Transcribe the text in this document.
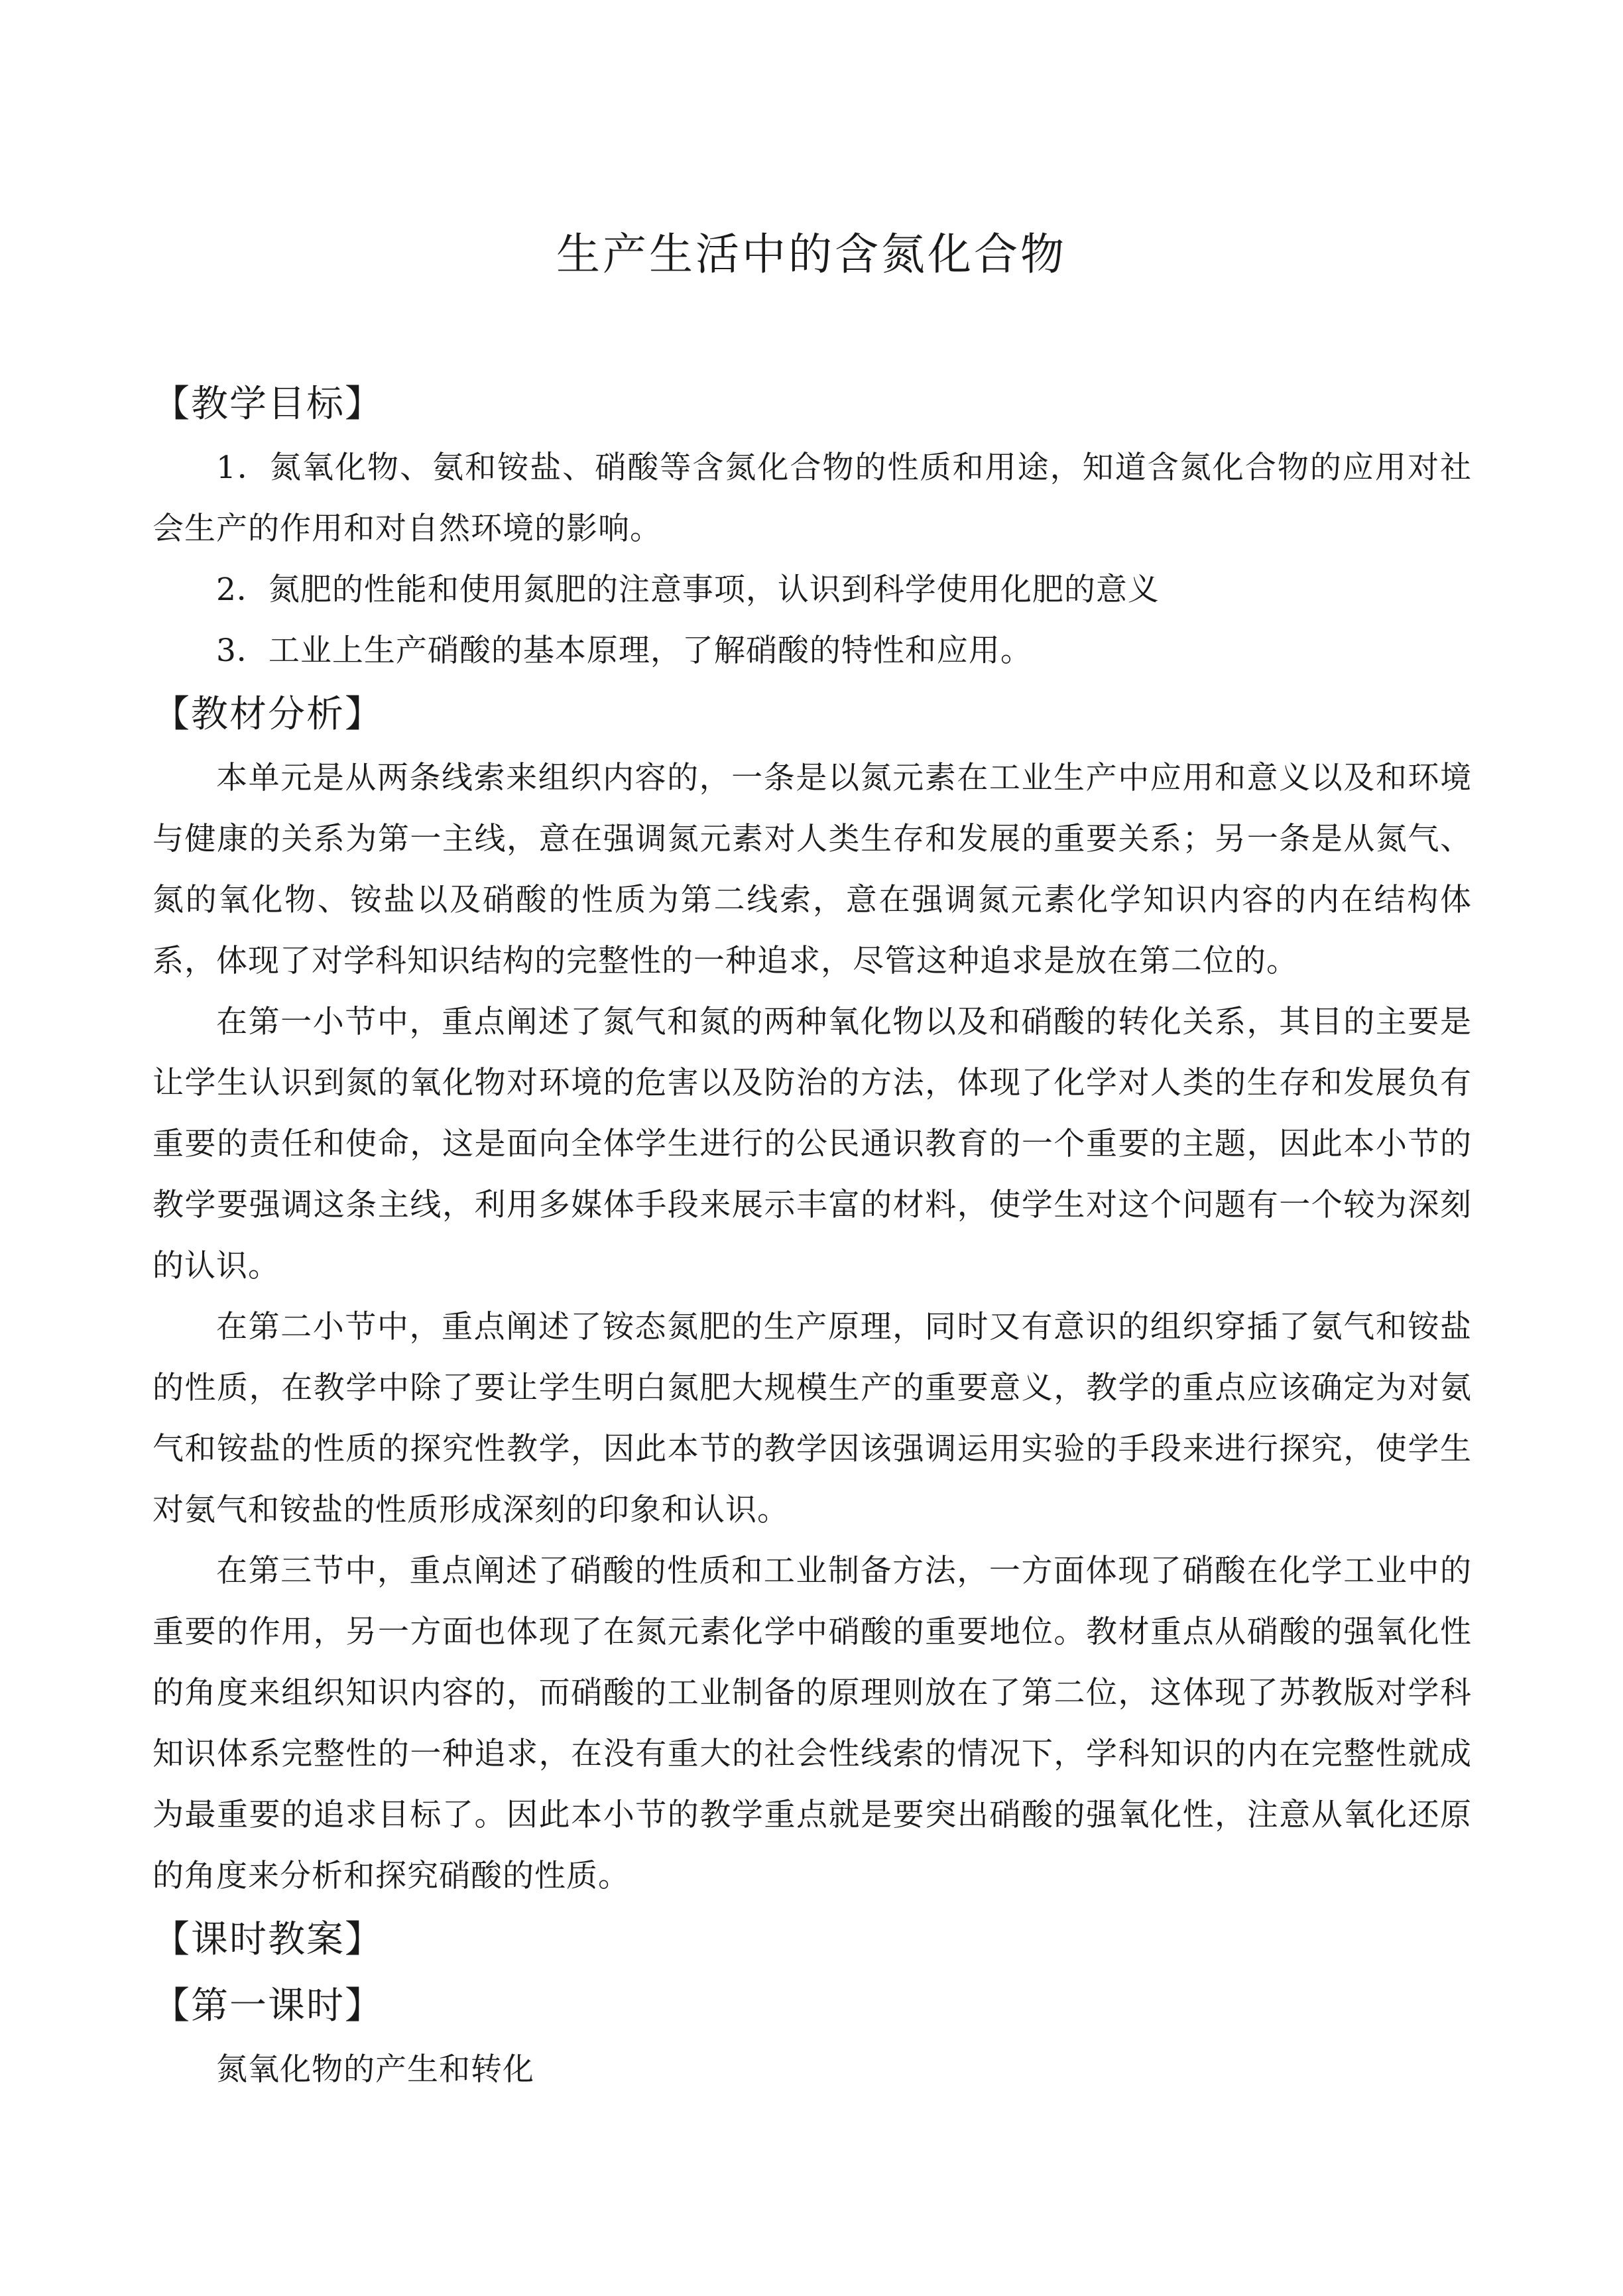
生产生活中的含氮化合物

【教学目标】

1．氮氧化物、氨和铵盐、硝酸等含氮化合物的性质和用途，知道含氮化合物的应用对社会生产的作用和对自然环境的影响。

2．氮肥的性能和使用氮肥的注意事项，认识到科学使用化肥的意义

3．工业上生产硝酸的基本原理，了解硝酸的特性和应用。

【教材分析】

本单元是从两条线索来组织内容的，一条是以氮元素在工业生产中应用和意义以及和环境与健康的关系为第一主线，意在强调氮元素对人类生存和发展的重要关系；另一条是从氮气、氮的氧化物、铵盐以及硝酸的性质为第二线索，意在强调氮元素化学知识内容的内在结构体系，体现了对学科知识结构的完整性的一种追求，尽管这种追求是放在第二位的。

在第一小节中，重点阐述了氮气和氮的两种氧化物以及和硝酸的转化关系，其目的主要是让学生认识到氮的氧化物对环境的危害以及防治的方法，体现了化学对人类的生存和发展负有重要的责任和使命，这是面向全体学生进行的公民通识教育的一个重要的主题，因此本小节的教学要强调这条主线，利用多媒体手段来展示丰富的材料，使学生对这个问题有一个较为深刻的认识。

在第二小节中，重点阐述了铵态氮肥的生产原理，同时又有意识的组织穿插了氨气和铵盐的性质，在教学中除了要让学生明白氮肥大规模生产的重要意义，教学的重点应该确定为对氨气和铵盐的性质的探究性教学，因此本节的教学因该强调运用实验的手段来进行探究，使学生对氨气和铵盐的性质形成深刻的印象和认识。

在第三节中，重点阐述了硝酸的性质和工业制备方法，一方面体现了硝酸在化学工业中的重要的作用，另一方面也体现了在氮元素化学中硝酸的重要地位。教材重点从硝酸的强氧化性的角度来组织知识内容的，而硝酸的工业制备的原理则放在了第二位，这体现了苏教版对学科知识体系完整性的一种追求，在没有重大的社会性线索的情况下，学科知识的内在完整性就成为最重要的追求目标了。因此本小节的教学重点就是要突出硝酸的强氧化性，注意从氧化还原的角度来分析和探究硝酸的性质。

【课时教案】

【第一课时】

氮氧化物的产生和转化
